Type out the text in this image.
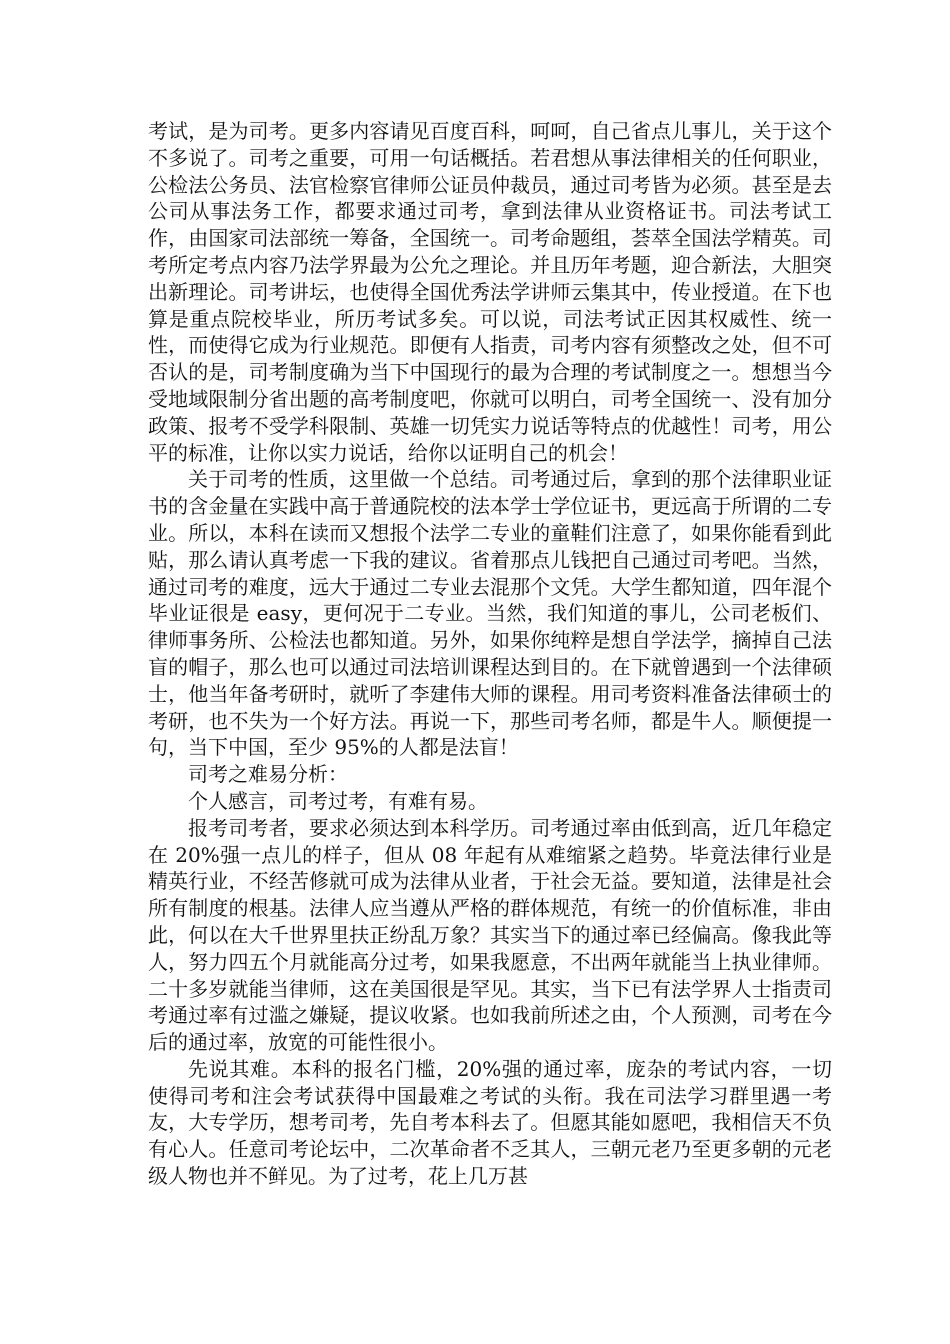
考试，是为司考。更多内容请见百度百科，呵呵，自己省点儿事儿，关于这个不多说了。司考之重要，可用一句话概括。若君想从事法律相关的任何职业，公检法公务员、法官检察官律师公证员仲裁员，通过司考皆为必须。甚至是去公司从事法务工作，都要求通过司考，拿到法律从业资格证书。司法考试工作，由国家司法部统一筹备，全国统一。司考命题组，荟萃全国法学精英。司考所定考点内容乃法学界最为公允之理论。并且历年考题，迎合新法，大胆突出新理论。司考讲坛，也使得全国优秀法学讲师云集其中，传业授道。在下也算是重点院校毕业，所历考试多矣。可以说，司法考试正因其权威性、统一性，而使得它成为行业规范。即便有人指责，司考内容有须整改之处，但不可否认的是，司考制度确为当下中国现行的最为合理的考试制度之一。想想当今受地域限制分省出题的高考制度吧，你就可以明白，司考全国统一、没有加分政策、报考不受学科限制、英雄一切凭实力说话等特点的优越性！司考，用公平的标准，让你以实力说话，给你以证明自己的机会！

关于司考的性质，这里做一个总结。司考通过后，拿到的那个法律职业证书的含金量在实践中高于普通院校的法本学士学位证书，更远高于所谓的二专业。所以，本科在读而又想报个法学二专业的童鞋们注意了，如果你能看到此贴，那么请认真考虑一下我的建议。省着那点儿钱把自己通过司考吧。当然，通过司考的难度，远大于通过二专业去混那个文凭。大学生都知道，四年混个毕业证很是 easy，更何况于二专业。当然，我们知道的事儿，公司老板们、律师事务所、公检法也都知道。另外，如果你纯粹是想自学法学，摘掉自己法盲的帽子，那么也可以通过司法培训课程达到目的。在下就曾遇到一个法律硕士，他当年备考研时，就听了李建伟大师的课程。用司考资料准备法律硕士的考研，也不失为一个好方法。再说一下，那些司考名师，都是牛人。顺便提一句，当下中国，至少 95%的人都是法盲！

司考之难易分析：

个人感言，司考过考，有难有易。

报考司考者，要求必须达到本科学历。司考通过率由低到高，近几年稳定在 20%强一点儿的样子，但从 08 年起有从难缩紧之趋势。毕竟法律行业是精英行业，不经苦修就可成为法律从业者，于社会无益。要知道，法律是社会所有制度的根基。法律人应当遵从严格的群体规范，有统一的价值标准，非由此，何以在大千世界里扶正纷乱万象？其实当下的通过率已经偏高。像我此等人，努力四五个月就能高分过考，如果我愿意，不出两年就能当上执业律师。二十多岁就能当律师，这在美国很是罕见。其实，当下已有法学界人士指责司考通过率有过滥之嫌疑，提议收紧。也如我前所述之由，个人预测，司考在今后的通过率，放宽的可能性很小。

先说其难。本科的报名门槛，20%强的通过率，庞杂的考试内容，一切使得司考和注会考试获得中国最难之考试的头衔。我在司法学习群里遇一考友，大专学历，想考司考，先自考本科去了。但愿其能如愿吧，我相信天不负有心人。任意司考论坛中，二次革命者不乏其人，三朝元老乃至更多朝的元老级人物也并不鲜见。为了过考，花上几万甚
